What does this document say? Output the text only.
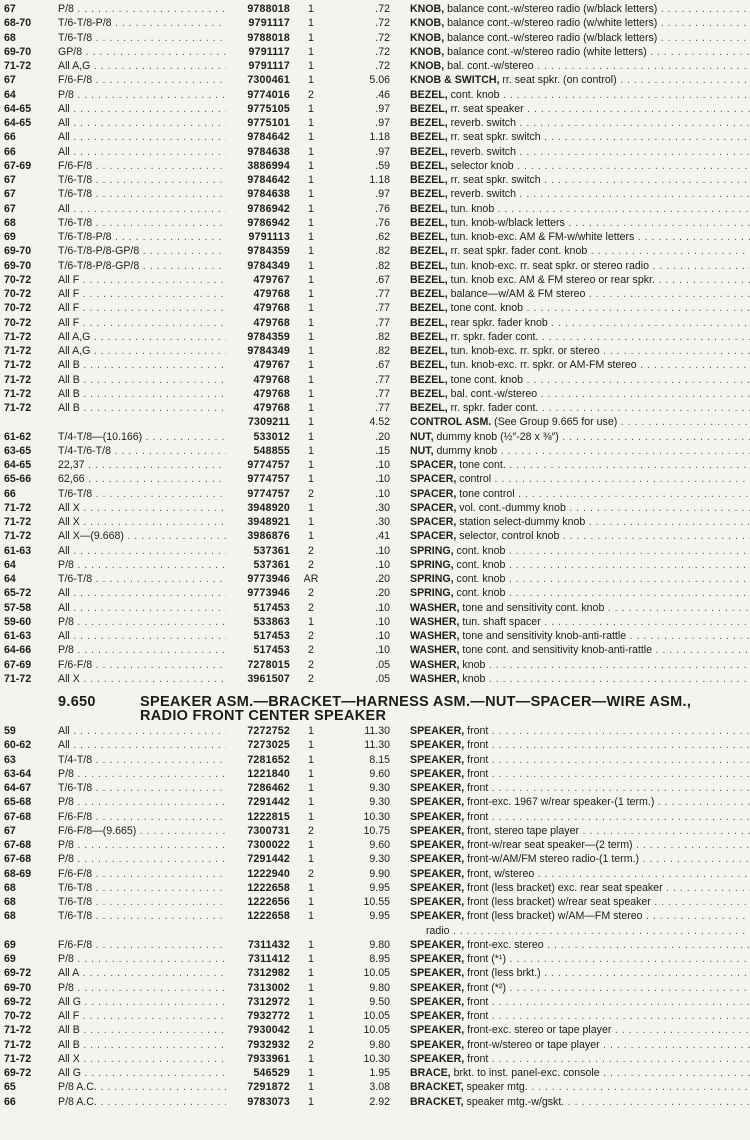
67	P/8 . . .	9788018	1	.72 KNOB, balance cont.-w/stereo radio (w/black letters) . . .
68-70	T/6-T/8-P/8 . . .	9791117	1	.72 KNOB, balance cont.-w/stereo radio (w/white letters) . . .
68	T/6-T/8 . . .	9788018	1	.72 KNOB, balance cont.-w/stereo radio (w/black letters) . . .
69-70	GP/8 . . .	9791117	1	.72 KNOB, balance cont.-w/stereo radio (white letters) . . .
71-72	All A,G . . .	9791117	1	.72 KNOB, bal. cont.-w/stereo . . .
67	F/6-F/8 . . .	7300461	1	5.06 KNOB & SWITCH, rr. seat spkr. (on control) . . .
64	P/8 . . .	9774016	2	.46 BEZEL, cont. knob . . .
64-65	All . . .	9775105	1	.97 BEZEL, rr. seat speaker . . .
64-65	All . . .	9775101	1	.97 BEZEL, reverb. switch . . .
66	All . . .	9784642	1	1.18 BEZEL, rr. seat spkr. switch . . .
66	All . . .	9784638	1	.97 BEZEL, reverb. switch . . .
67-69	F/6-F/8 . . .	3886994	1	.59 BEZEL, selector knob . . .
67	T/6-T/8 . . .	9784642	1	1.18 BEZEL, rr. seat spkr. switch . . .
67	T/6-T/8 . . .	9784638	1	.97 BEZEL, reverb. switch . . .
67	All . . .	9786942	1	.76 BEZEL, tun. knob . . .
68	T/6-T/8 . . .	9786942	1	.76 BEZEL, tun. knob-w/black letters . . .
69	T/6-T/8-P/8 . . .	9791113	1	.62 BEZEL, tun. knob-exc. AM & FM-w/white letters . . .
69-70	T/6-T/8-P/8-GP/8 . . .	9784359	1	.82 BEZEL, rr. seat spkr. fader cont. knob . . .
69-70	T/6-T/8-P/8-GP/8 . . .	9784349	1	.82 BEZEL, tun. knob-exc. rr. seat spkr. or stereo radio . . .
70-72	All F . . .	479767	1	.67 BEZEL, tun. knob exc. AM & FM stereo or rear spkr. . . .
70-72	All F . . .	479768	1	.77 BEZEL, balance—w/AM & FM stereo . . .
70-72	All F . . .	479768	1	.77 BEZEL, tone cont. knob . . .
70-72	All F . . .	479768	1	.77 BEZEL, rear spkr. fader knob . . .
71-72	All A,G . . .	9784359	1	.82 BEZEL, rr. spkr. fader cont. . . .
71-72	All A,G . . .	9784349	1	.82 BEZEL, tun. knob-exc. rr. spkr. or stereo . . .
71-72	All B . . .	479767	1	.67 BEZEL, tun. knob-exc. rr. spkr. or AM-FM stereo . . .
71-72	All B . . .	479768	1	.77 BEZEL, tone cont. knob . . .
71-72	All B . . .	479768	1	.77 BEZEL, bal. cont.-w/stereo . . .
71-72	All B . . .	479768	1	.77 BEZEL, rr. spkr. fader cont. . . .
7309211	1	4.52 CONTROL ASM. (See Group 9.665 for use) . . .
61-62	T/4-T/8—(10.166) . . .	533012	1	.20 NUT, dummy knob (½″-28 x ⅜″) . . .
63-65	T/4-T/6-T/8 . . .	548855	1	.15 NUT, dummy knob . . .
64-65	22,37 . . .	9774757	1	.10 SPACER, tone cont. . . .
65-66	62,66 . . .	9774757	1	.10 SPACER, control . . .
66	T/6-T/8 . . .	9774757	2	.10 SPACER, tone control . . .
71-72	All X . . .	3948920	1	.30 SPACER, vol. cont.-dummy knob . . .
71-72	All X . . .	3948921	1	.30 SPACER, station select-dummy knob . . .
71-72	All X—(9.668) . . .	3986876	1	.41 SPACER, selector, control knob . . .
61-63	All . . .	537361	2	.10 SPRING, cont. knob . . .
64	P/8 . . .	537361	2	.10 SPRING, cont. knob . . .
64	T/6-T/8 . . .	9773946	AR	.20 SPRING, cont. knob . . .
65-72	All . . .	9773946	2	.20 SPRING, cont. knob . . .
57-58	All . . .	517453	2	.10 WASHER, tone and sensitivity cont. knob . . .
59-60	P/8 . . .	533863	1	.10 WASHER, tun. shaft spacer . . .
61-63	All . . .	517453	2	.10 WASHER, tone and sensitivity knob-anti-rattle . . .
64-66	P/8 . . .	517453	2	.10 WASHER, tone cont. and sensitivity knob-anti-rattle . . .
67-69	F/6-F/8 . . .	7278015	2	.05 WASHER, knob . . .
71-72	All X . . .	3961507	2	.05 WASHER, knob . . .
9.650	SPEAKER ASM.—BRACKET—HARNESS ASM.—NUT—SPACER—WIRE ASM., RADIO FRONT CENTER SPEAKER
59	All . . .	7272752	1	11.30 SPEAKER, front . . .
60-62	All . . .	7273025	1	11.30 SPEAKER, front . . .
63	T/4-T/8 . . .	7281652	1	8.15 SPEAKER, front . . .
63-64	P/8 . . .	1221840	1	9.60 SPEAKER, front . . .
64-67	T/6-T/8 . . .	7286462	1	9.30 SPEAKER, front . . .
65-68	P/8 . . .	7291442	1	9.30 SPEAKER, front-exc. 1967 w/rear speaker-(1 term.) . . .
67-68	F/6-F/8 . . .	1222815	1	10.30 SPEAKER, front . . .
67	F/6-F/8—(9.665) . . .	7300731	2	10.75 SPEAKER, front, stereo tape player . . .
67-68	P/8 . . .	7300022	1	9.60 SPEAKER, front-w/rear seat speaker—(2 term) . . .
67-68	P/8 . . .	7291442	1	9.30 SPEAKER, front-w/AM/FM stereo radio-(1 term.) . . .
68-69	F/6-F/8 . . .	1222940	2	9.90 SPEAKER, front, w/stereo . . .
68	T/6-T/8 . . .	1222658	1	9.95 SPEAKER, front (less bracket) exc. rear seat speaker . . .
68	T/6-T/8 . . .	1222656	1	10.55 SPEAKER, front (less bracket) w/rear seat speaker . . .
68	T/6-T/8 . . .	1222658	1	9.95 SPEAKER, front (less bracket) w/AM—FM stereo . . .
radio . . .
69	F/6-F/8 . . .	7311432	1	9.80 SPEAKER, front-exc. stereo . . .
69	P/8 . . .	7311412	1	8.95 SPEAKER, front (*¹) . . .
69-72	All A . . .	7312982	1	10.05 SPEAKER, front (less brkt.) . . .
69-70	P/8 . . .	7313002	1	9.80 SPEAKER, front (*²) . . .
69-72	All G . . .	7312972	1	9.50 SPEAKER, front . . .
70-72	All F . . .	7932772	1	10.05 SPEAKER, front . . .
71-72	All B . . .	7930042	1	10.05 SPEAKER, front-exc. stereo or tape player . . .
71-72	All B . . .	7932932	2	9.80 SPEAKER, front-w/stereo or tape player . . .
71-72	All X . . .	7933961	1	10.30 SPEAKER, front . . .
69-72	All G . . .	546529	1	1.95 BRACE, brkt. to inst. panel-exc. console . . .
65	P/8 A.C. . . .	7291872	1	3.08 BRACKET, speaker mtg. . . .
66	P/8 A.C. . . .	9783073	1	2.92 BRACKET, speaker mtg.-w/gskt. . . .
